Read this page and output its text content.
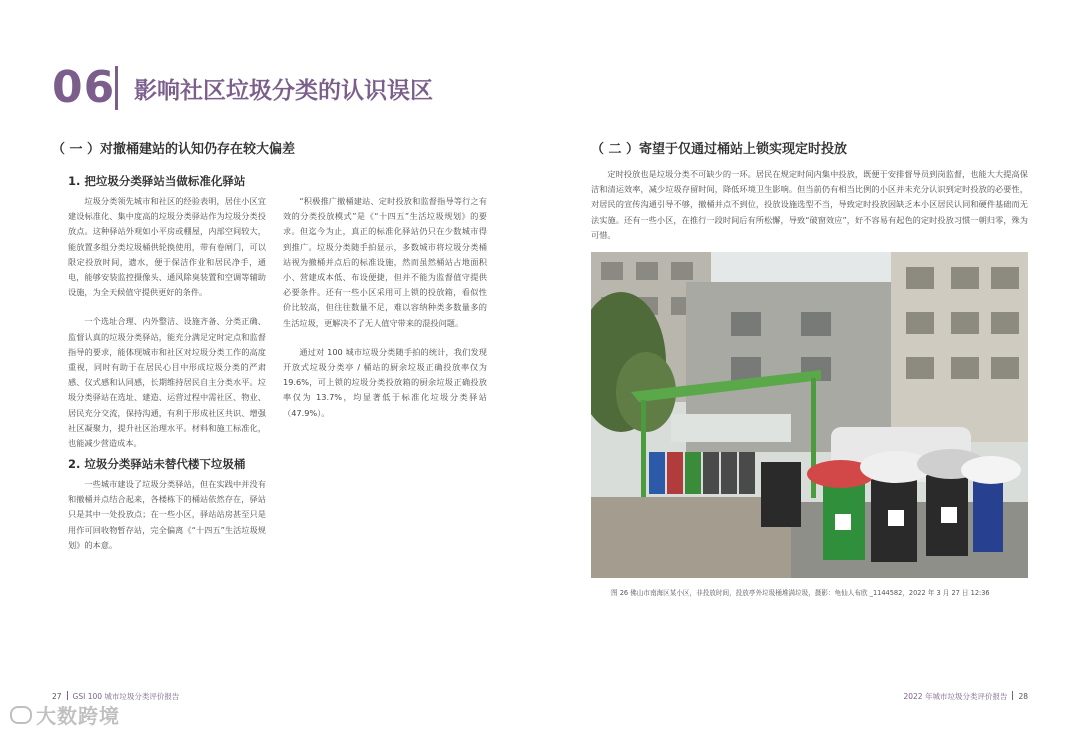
06 影响社区垃圾分类的认识误区
（ 一 ）对撤桶建站的认知仍存在较大偏差
1. 把垃圾分类驿站当做标准化驿站

垃圾分类领先城市和社区的经验表明，居住小区宜建设标准化、集中度高的垃圾分类驿站作为垃圾分类投放点。这种驿站外观如小平房或棚屋，内部空间较大，能放置多组分类垃圾桶供轮换使用，带有卷闸门，可以限定投放时间，遗水，便于保洁作业和居民净手，通电，能够安装监控摄像头、通风除臭装置和空调等辅助设施，为全天候值守提供更好的条件。

一个选址合理、内外整洁、设施齐备、分类正确、监督认真的垃圾分类驿站，能充分满足定时定点和监督指导的要求，能体现城市和社区对垃圾分类工作的高度重视，同时有助于在居民心目中形成垃圾分类的严肃感、仪式感和认同感，长期维持居民自主分类水平。垃圾分类驿站在选址、建造、运营过程中需社区、物业、居民充分交流，保持沟通，有利于形成社区共识、增强社区凝聚力，提升社区治理水平。材料和施工标准化，也能减少营造成本。

2. 垃圾分类驿站未替代楼下垃圾桶

一些城市建设了垃圾分类驿站，但在实践中并没有和撤桶并点结合起来，各楼栋下的桶站依然存在，驿站只是其中一处投放点；在一些小区，驿站站房甚至只是用作可回收物暂存站，完全偏离《“十四五”生活垃圾规划》的本意。

“积极推广撤桶建站、定时投放和监督指导等行之有效的分类投放模式”是《“十四五”生活垃圾规划》的要求。但迄今为止，真正的标准化驿站仍只在少数城市得到推广。垃圾分类随手拍显示，多数城市将垃圾分类桶站视为撤桶并点后的标准设施，然而虽然桶站占地面积小、营建成本低、布设便捷，但并不能为监督值守提供必要条件。还有一些小区采用可上锁的投放箱，看似性价比较高，但往往数量不足，难以容纳种类多数量多的生活垃圾，更解决不了无人值守带来的混投问题。

通过对 100 城市垃圾分类随手拍的统计，我们发现开放式垃圾分类亭 / 桶站的厨余垃圾正确投放率仅为 19.6%，可上锁的垃圾分类投放箱的厨余垃圾正确投放率仅为 13.7%，均显著低于标准化垃圾分类驿站（47.9%）。

（ 二 ）寄望于仅通过桶站上锁实现定时投放

定时投放也是垃圾分类不可缺少的一环。居民在规定时间内集中投放，既便于安排督导员到岗监督，也能大大提高保洁和清运效率，减少垃圾存留时间，降低环境卫生影响。但当前仍有相当比例的小区并未充分认识到定时投放的必要性，对居民的宣传沟通引导不够，撤桶并点不到位，投放设施选型不当，导致定时投放因缺乏本小区居民认同和硬件基础而无法实施。还有一些小区，在推行一段时间后有所松懈，导致“破窗效应”，好不容易有起色的定时投放习惯一朝归零，殊为可惜。

图 26 佛山市南海区某小区，非投放时间，投放亭外垃圾桶堆满垃圾，摄影：龟仙人布欧 _1144582，2022 年 3 月 27 日 12:36
27 GSI 100 城市垃圾分类评价报告	2022 年城市垃圾分类评价报告 28
大数跨境
